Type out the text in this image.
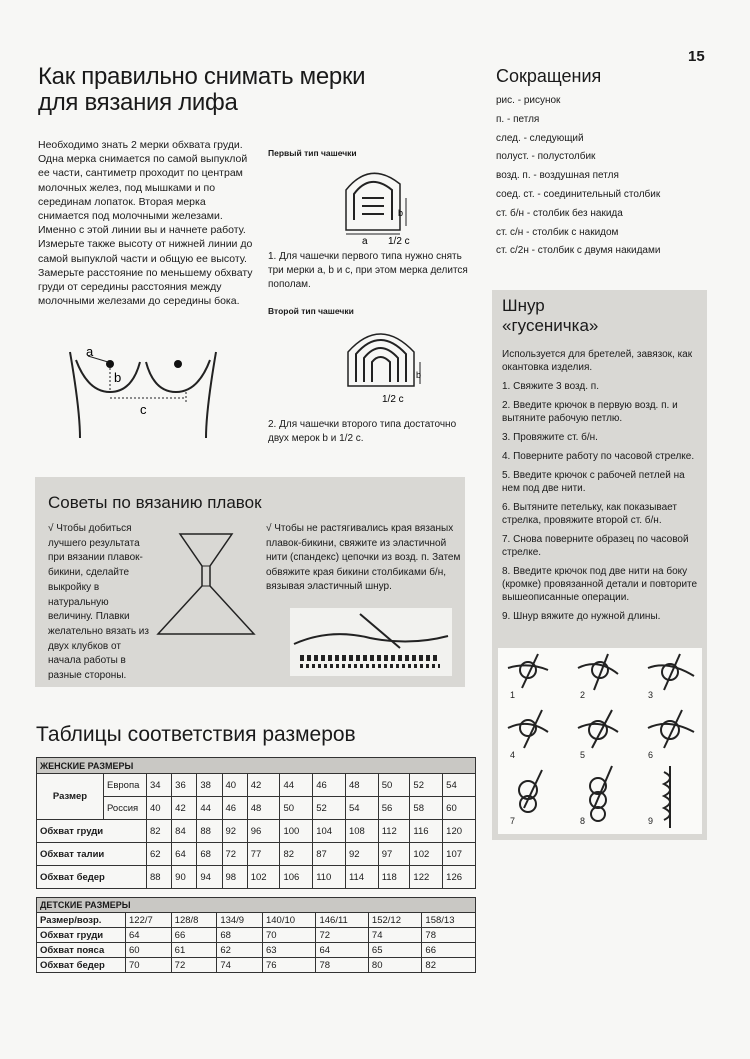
15
Как правильно снимать мерки
для вязания лифа
Необходимо знать 2 мерки обхвата груди. Одна мерка снимается по самой выпуклой ее части, сантиметр проходит по центрам молочных желез, под мышками и по серединам лопаток. Вторая мерка снимается под молочными железами. Именно с этой линии вы и начнете работу. Измерьте также высоту от нижней линии до самой выпуклой части и общую ее высоту. Замерьте расстояние по меньшему обхвату груди от середины расстояния между молочными железами до середины бока.
a
b
c
Первый тип чашечки
b
a 1/2 c
1. Для чашечки первого типа нужно снять три мерки a, b и c, при этом мерка делится пополам.
Второй тип чашечки
b
1/2 c
2. Для чашечки второго типа достаточно двух мерок b и 1/2 c.
Сокращения
рис. - рисунок
п. - петля
след. - следующий
полуст. - полустолбик
возд. п. - воздушная петля
соед. ст. - соединительный столбик
ст. б/н - столбик без накида
ст. с/н - столбик с накидом
ст. с/2н - столбик с двумя накидами
Советы по вязанию плавок
√ Чтобы добиться лучшего результата при вязании плавок-бикини, сделайте выкройку в натуральную величину. Плавки желательно вязать из двух клубков от начала работы в разные стороны.
√ Чтобы не растягивались края вязаных плавок-бикини, свяжите из эластичной нити (спандекс) цепочки из возд. п. Затем обвяжите края бикини столбиками б/н, вязывая эластичный шнур.
Шнур
«гусеничка»
Используется для бретелей, завязок, как окантовка изделия.
1. Свяжите 3 возд. п.
2. Введите крючок в первую возд. п. и вытяните рабочую петлю.
3. Провяжите ст. б/н.
4. Поверните работу по часовой стрелке.
5. Введите крючок с рабочей петлей на нем под две нити.
6. Вытяните петельку, как показывает стрелка, провяжите второй ст. б/н.
7. Снова поверните образец по часовой стрелке.
8. Введите крючок под две нити на боку (кромке) провязанной детали и повторите вышеописанные операции.
9. Шнур вяжите до нужной длины.
1	2	3
4	5	6
7	8	9
Таблицы соответствия размеров
ЖЕНСКИЕ РАЗМЕРЫ												
Размер	Европа	34	36	38	40	42	44	46	48	50	52	54
	Россия	40	42	44	46	48	50	52	54	56	58	60
Обхват груди		82	84	88	92	96	100	104	108	112	116	120
Обхват талии		62	64	68	72	77	82	87	92	97	102	107
Обхват бедер		88	90	94	98	102	106	110	114	118	122	126
ДЕТСКИЕ РАЗМЕРЫ							
Размер/возр.	122/7	128/8	134/9	140/10	146/11	152/12	158/13
Обхват груди	64	66	68	70	72	74	78
Обхват пояса	60	61	62	63	64	65	66
Обхват бедер	70	72	74	76	78	80	82
